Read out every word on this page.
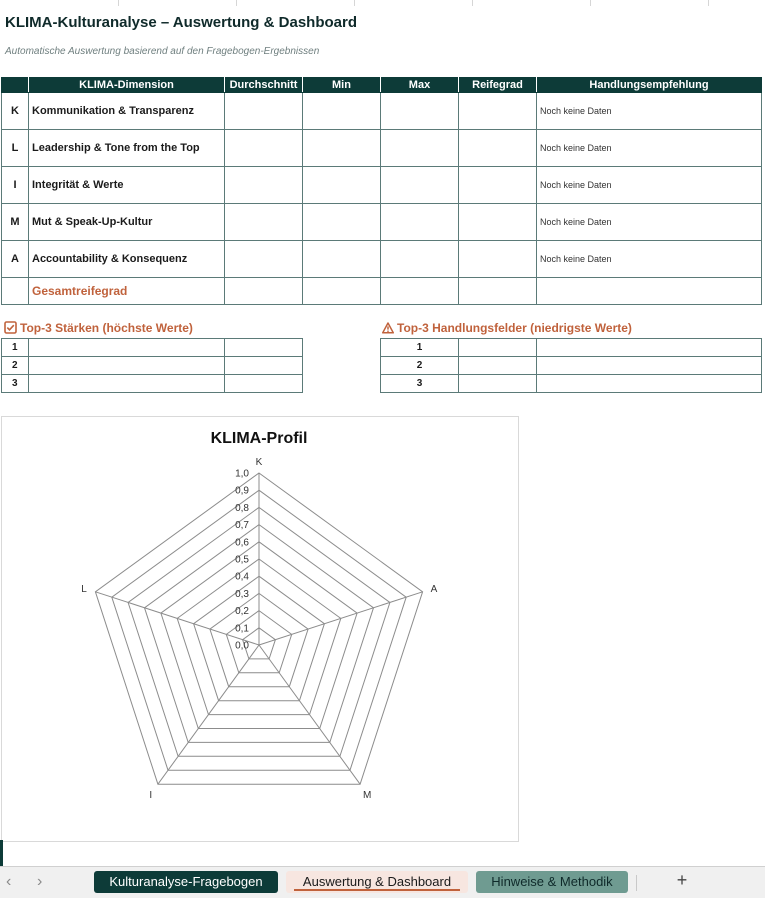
KLIMA-Kulturanalyse – Auswertung & Dashboard
Automatische Auswertung basierend auf den Fragebogen-Ergebnissen
	KLIMA-Dimension	Durchschnitt	Min	Max	Reifegrad	Handlungsempfehlung
K	Kommunikation & Transparenz					Noch keine Daten
L	Leadership & Tone from the Top					Noch keine Daten
I	Integrität & Werte					Noch keine Daten
M	Mut & Speak-Up-Kultur					Noch keine Daten
A	Accountability & Konsequenz					Noch keine Daten
	Gesamtreifegrad					
Top-3 Stärken (höchste Werte)	Top-3 Handlungsfelder (niedrigste Werte)
1		
2		
3		
1		
2		
3		
KLIMA-Profil
0,0
0,1
0,2
0,3
0,4
0,5
0,6
0,7
0,8
0,9
1,0
K
A
M
I
L
‹ ›	Kulturanalyse-Fragebogen	Auswertung & Dashboard	Hinweise & Methodik	+
